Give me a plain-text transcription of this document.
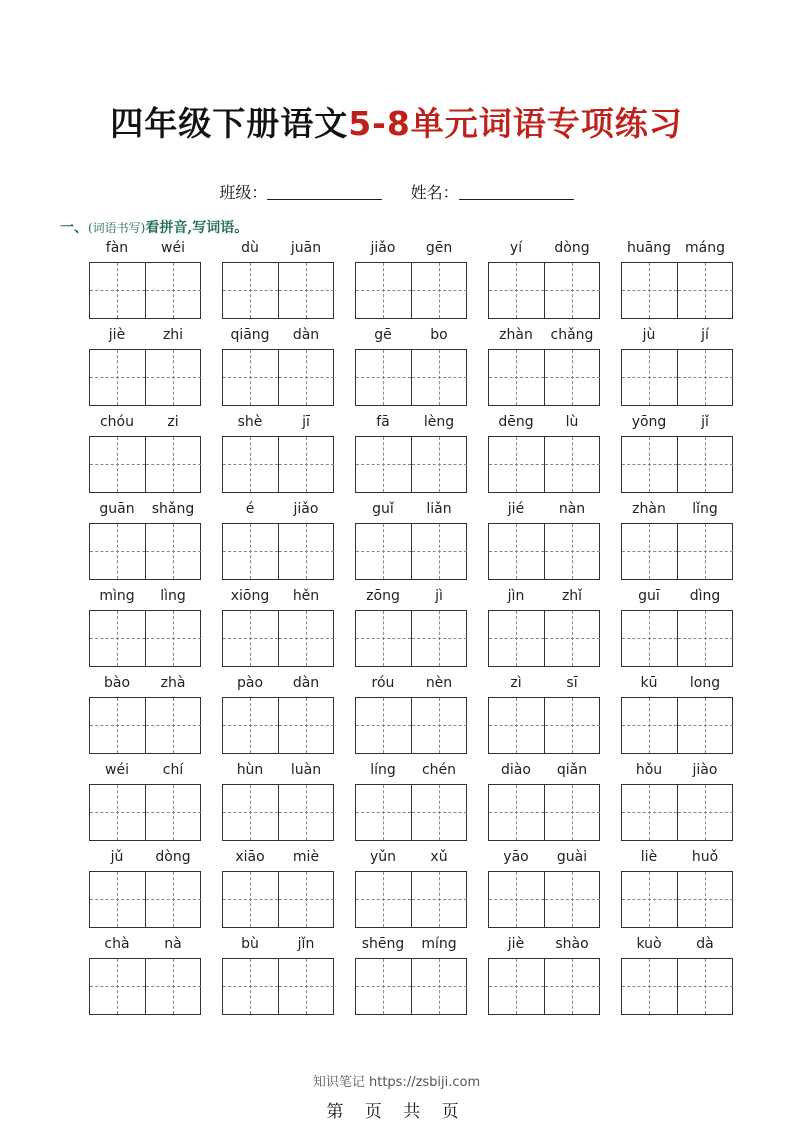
四年级下册语文5-8单元词语专项练习
班级：	姓名：
一、(词语书写)看拼音,写词语。
fàn	wéi	dù	juān	jiǎo	gēn	yí	dòng	huāng máng
jiè	zhi	qiāng	dàn	gē	bo	zhàn	chǎng	jù	jí
chóu	zi	shè	jī	fā	lèng	dēng	lù	yōng	jǐ
guān	shǎng	é	jiǎo	guǐ	liǎn	jié	nàn	zhàn	lǐng
mìng	lìng	xiōng	hěn	zōng	jì	jìn	zhǐ	guī	dìng
bào	zhà	pào	dàn	róu	nèn	zì	sī	kū	long
wéi	chí	hùn	luàn	líng	chén	diào	qiǎn	hǒu	jiào
jǔ	dòng	xiāo	miè	yǔn	xǔ	yāo	guài	liè	huǒ
chà	nà	bù	jǐn	shēng	míng	jiè	shào	kuò	dà
知识笔记 https://zsbiji.com
第 页 共 页
